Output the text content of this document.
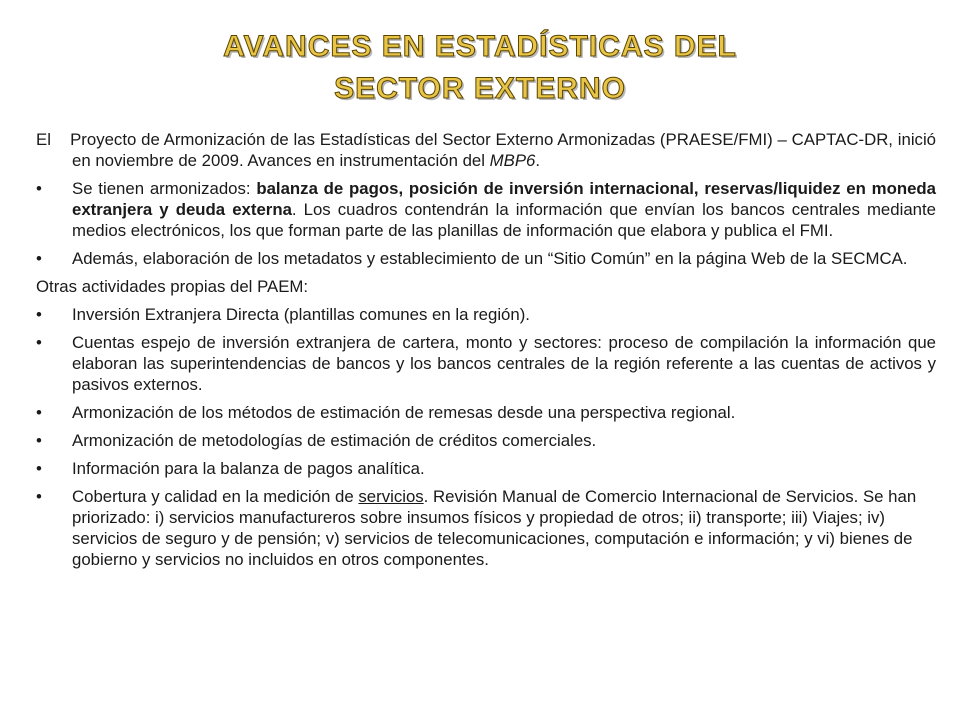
AVANCES EN ESTADÍSTICAS DEL
SECTOR EXTERNO

El Proyecto de Armonización de las Estadísticas del Sector Externo Armonizadas (PRAESE/FMI) – CAPTAC-DR, inició en noviembre de 2009. Avances en instrumentación del MBP6.

•	Se tienen armonizados: balanza de pagos, posición de inversión internacional, reservas/liquidez en moneda extranjera y deuda externa. Los cuadros contendrán la información que envían los bancos centrales mediante medios electrónicos, los que forman parte de las planillas de información que elabora y publica el FMI.
•	Además, elaboración de los metadatos y establecimiento de un “Sitio Común” en la página Web de la SECMCA.

Otras actividades propias del PAEM:

•	Inversión Extranjera Directa (plantillas comunes en la región).
•	Cuentas espejo de inversión extranjera de cartera, monto y sectores: proceso de compilación la información que elaboran las superintendencias de bancos y los bancos centrales de la región referente a las cuentas de activos y pasivos externos.
•	Armonización de los métodos de estimación de remesas desde una perspectiva regional.
•	Armonización de metodologías de estimación de créditos comerciales.
•	Información para la balanza de pagos analítica.
•	Cobertura y calidad en la medición de servicios. Revisión Manual de Comercio Internacional de Servicios. Se han priorizado: i) servicios manufactureros sobre insumos físicos y propiedad de otros; ii) transporte; iii) Viajes; iv) servicios de seguro y de pensión; v) servicios de telecomunicaciones, computación e información; y vi) bienes de gobierno y servicios no incluidos en otros componentes.
